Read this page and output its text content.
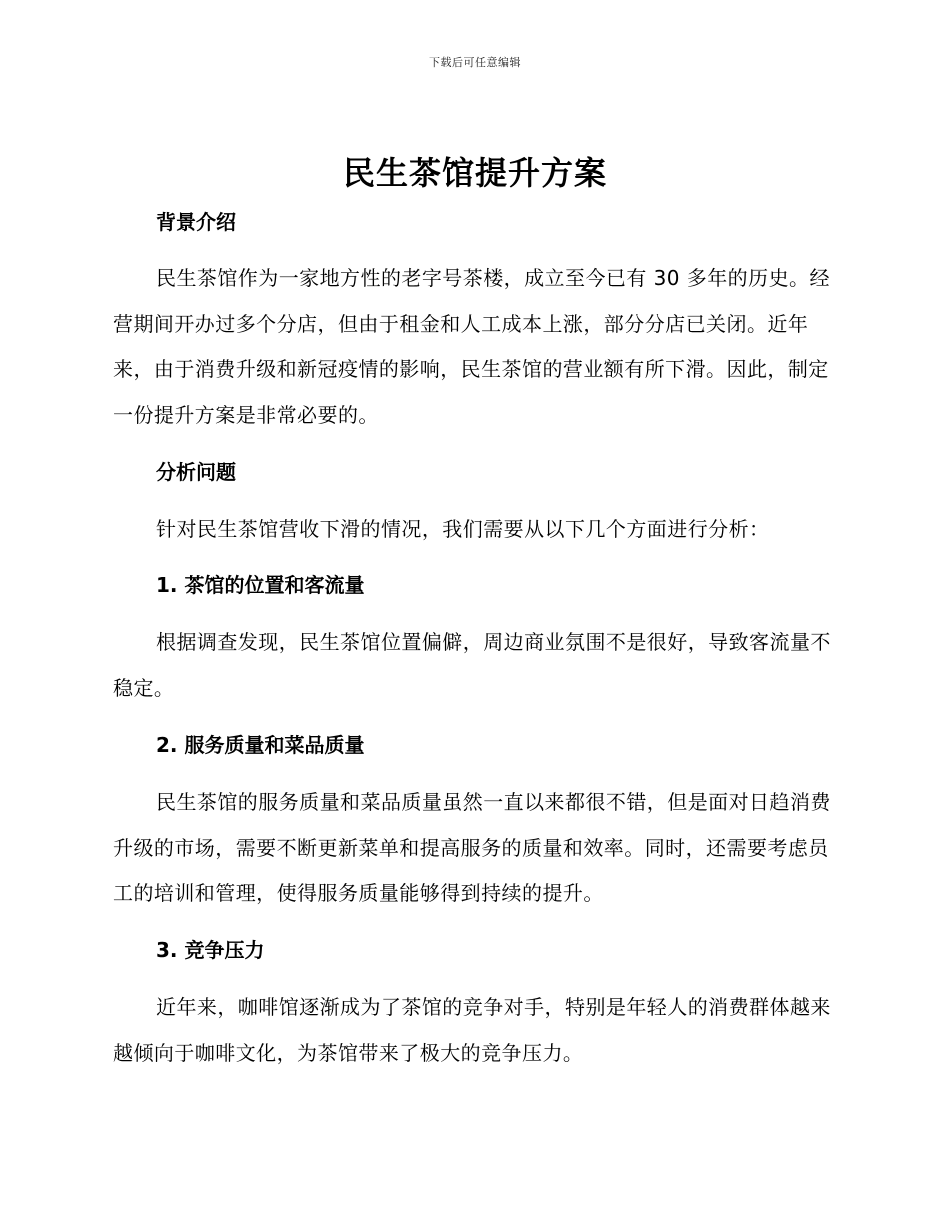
下载后可任意编辑
民生茶馆提升方案
背景介绍

民生茶馆作为一家地方性的老字号茶楼，成立至今已有 30 多年的历史。经营期间开办过多个分店，但由于租金和人工成本上涨，部分分店已关闭。近年来，由于消费升级和新冠疫情的影响，民生茶馆的营业额有所下滑。因此，制定一份提升方案是非常必要的。

分析问题
针对民生茶馆营收下滑的情况，我们需要从以下几个方面进行分析：
1. 茶馆的位置和客流量

根据调查发现，民生茶馆位置偏僻，周边商业氛围不是很好，导致客流量不稳定。

2. 服务质量和菜品质量

民生茶馆的服务质量和菜品质量虽然一直以来都很不错，但是面对日趋消费升级的市场，需要不断更新菜单和提高服务的质量和效率。同时，还需要考虑员工的培训和管理，使得服务质量能够得到持续的提升。

3. 竞争压力

近年来，咖啡馆逐渐成为了茶馆的竞争对手，特别是年轻人的消费群体越来越倾向于咖啡文化，为茶馆带来了极大的竞争压力。
